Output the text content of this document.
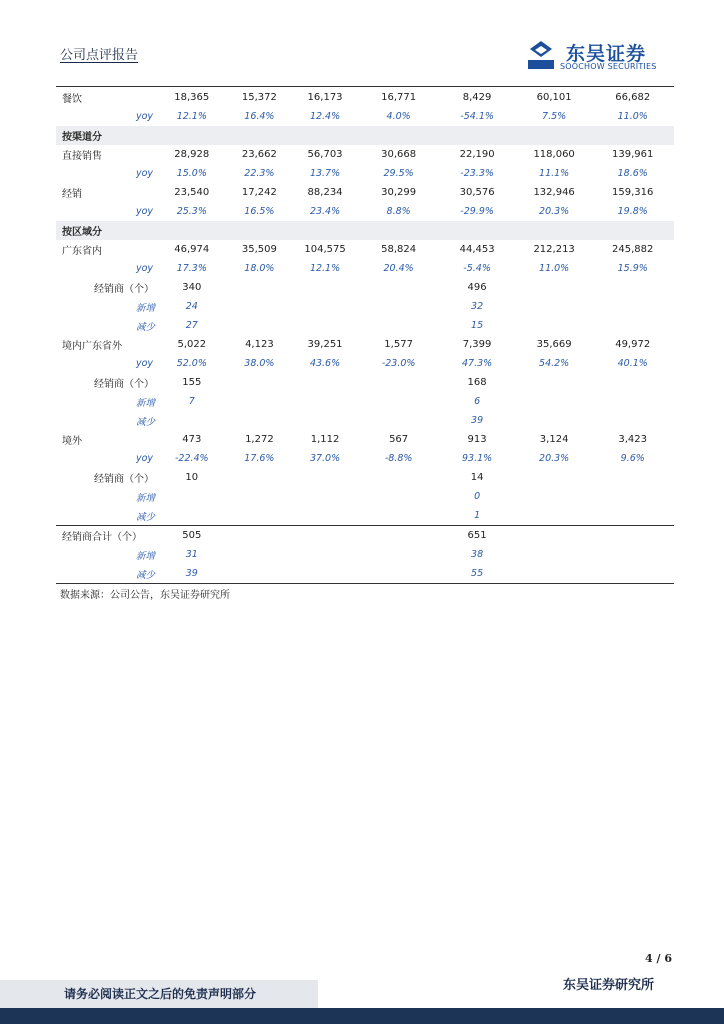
公司点评报告	东吴证券
SOOCHOW SECURITIES
餐饮	18,365	15,372	16,173	16,771	8,429	60,101	66,682	
yoy	12.1%	16.4%	12.4%	4.0%	-54.1%	7.5%	11.0%	
按渠道分								
直接销售	28,928	23,662	56,703	30,668	22,190	118,060	139,961	
yoy	15.0%	22.3%	13.7%	29.5%	-23.3%	11.1%	18.6%	
经销	23,540	17,242	88,234	30,299	30,576	132,946	159,316	
yoy	25.3%	16.5%	23.4%	8.8%	-29.9%	20.3%	19.8%	
按区域分								
广东省内	46,974	35,509	104,575	58,824	44,453	212,213	245,882	
yoy	17.3%	18.0%	12.1%	20.4%	-5.4%	11.0%	15.9%	
经销商（个）	340				496			
新增	24				32			
减少	27				15			
境内广东省外	5,022	4,123	39,251	1,577	7,399	35,669	49,972	
yoy	52.0%	38.0%	43.6%	-23.0%	47.3%	54.2%	40.1%	
经销商（个）	155				168			
新增	7				6			
减少					39			
境外	473	1,272	1,112	567	913	3,124	3,423	
yoy	-22.4%	17.6%	37.0%	-8.8%	93.1%	20.3%	9.6%	
经销商（个）	10				14			
新增					0			
减少					1			
经销商合计（个）	505				651			
新增	31				38			
减少	39				55			
数据来源：公司公告，东吴证券研究所
4 / 6
请务必阅读正文之后的免责声明部分
东吴证券研究所
